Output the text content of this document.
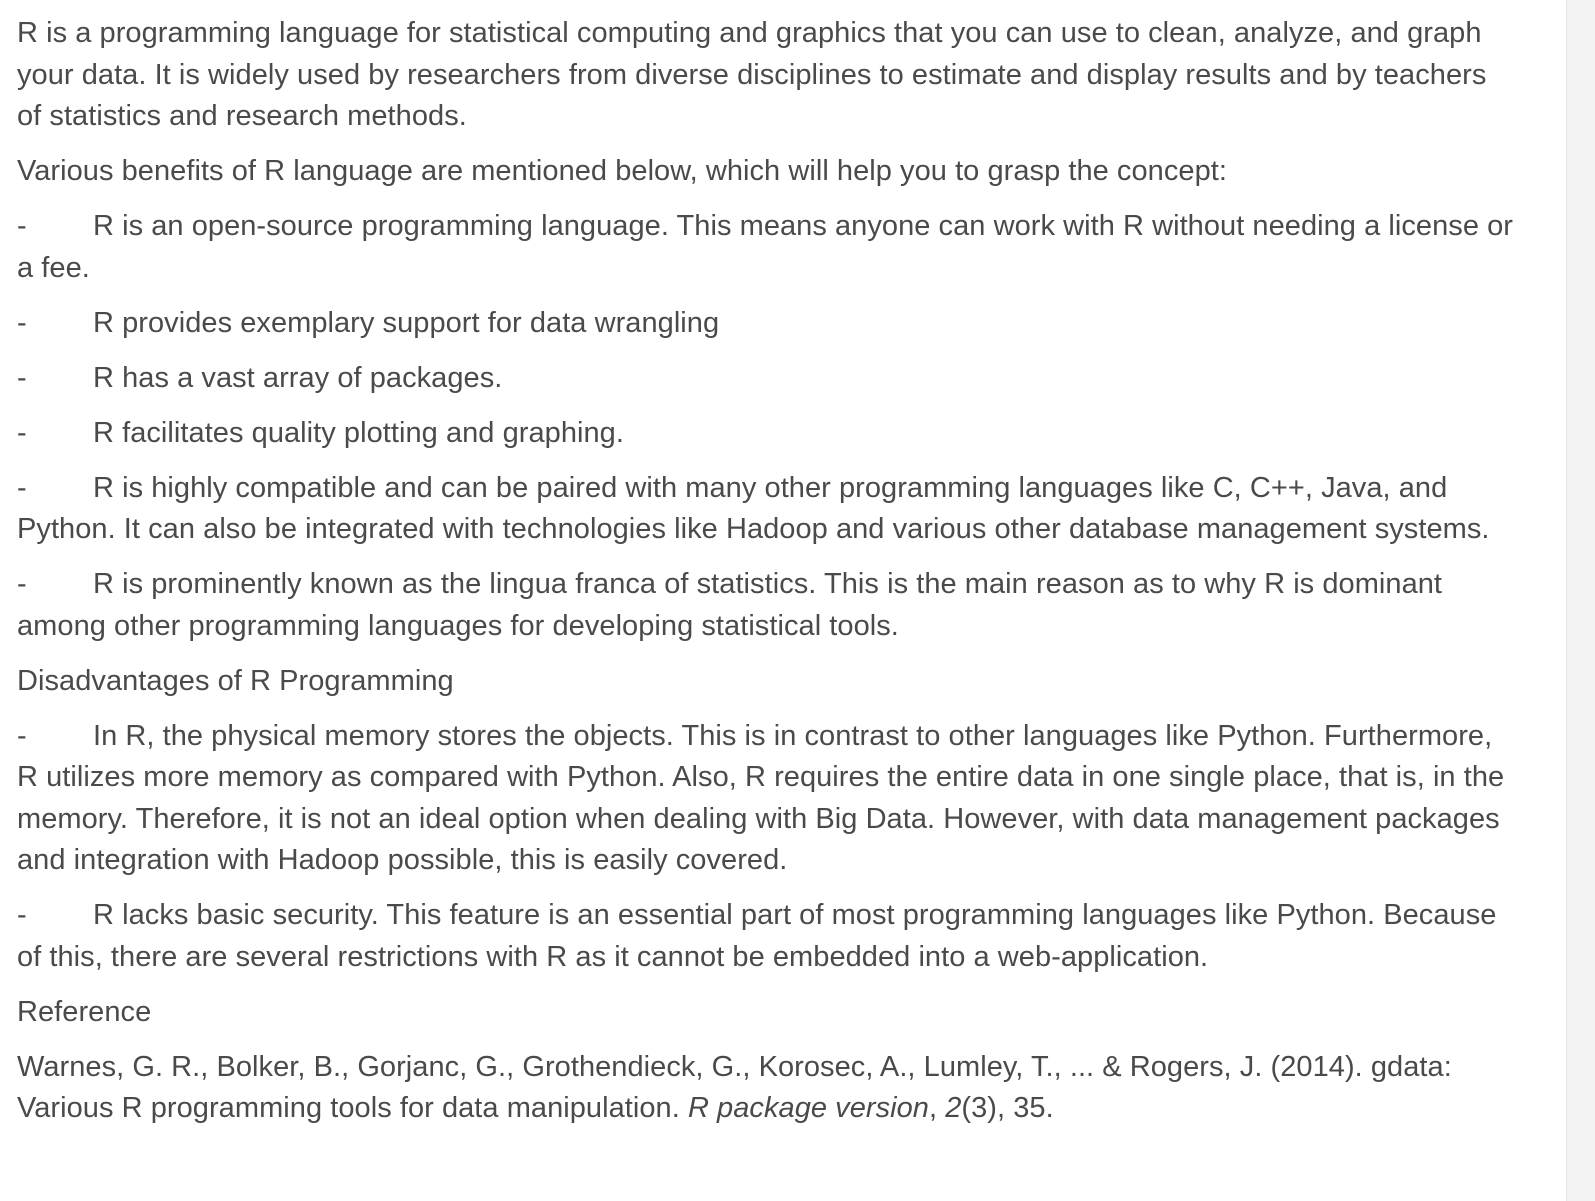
R is a programming language for statistical computing and graphics that you can use to clean, analyze, and graph your data. It is widely used by researchers from diverse disciplines to estimate and display results and by teachers of statistics and research methods.

Various benefits of R language are mentioned below, which will help you to grasp the concept:

- R is an open-source programming language. This means anyone can work with R without needing a license or a fee.

- R provides exemplary support for data wrangling

- R has a vast array of packages.

- R facilitates quality plotting and graphing.

- R is highly compatible and can be paired with many other programming languages like C, C++, Java, and Python. It can also be integrated with technologies like Hadoop and various other database management systems.

- R is prominently known as the lingua franca of statistics. This is the main reason as to why R is dominant among other programming languages for developing statistical tools.

Disadvantages of R Programming

- In R, the physical memory stores the objects. This is in contrast to other languages like Python. Furthermore, R utilizes more memory as compared with Python. Also, R requires the entire data in one single place, that is, in the memory. Therefore, it is not an ideal option when dealing with Big Data. However, with data management packages and integration with Hadoop possible, this is easily covered.

- R lacks basic security. This feature is an essential part of most programming languages like Python. Because of this, there are several restrictions with R as it cannot be embedded into a web-application.

Reference

Warnes, G. R., Bolker, B., Gorjanc, G., Grothendieck, G., Korosec, A., Lumley, T., ... & Rogers, J. (2014). gdata: Various R programming tools for data manipulation. R package version, 2(3), 35.
